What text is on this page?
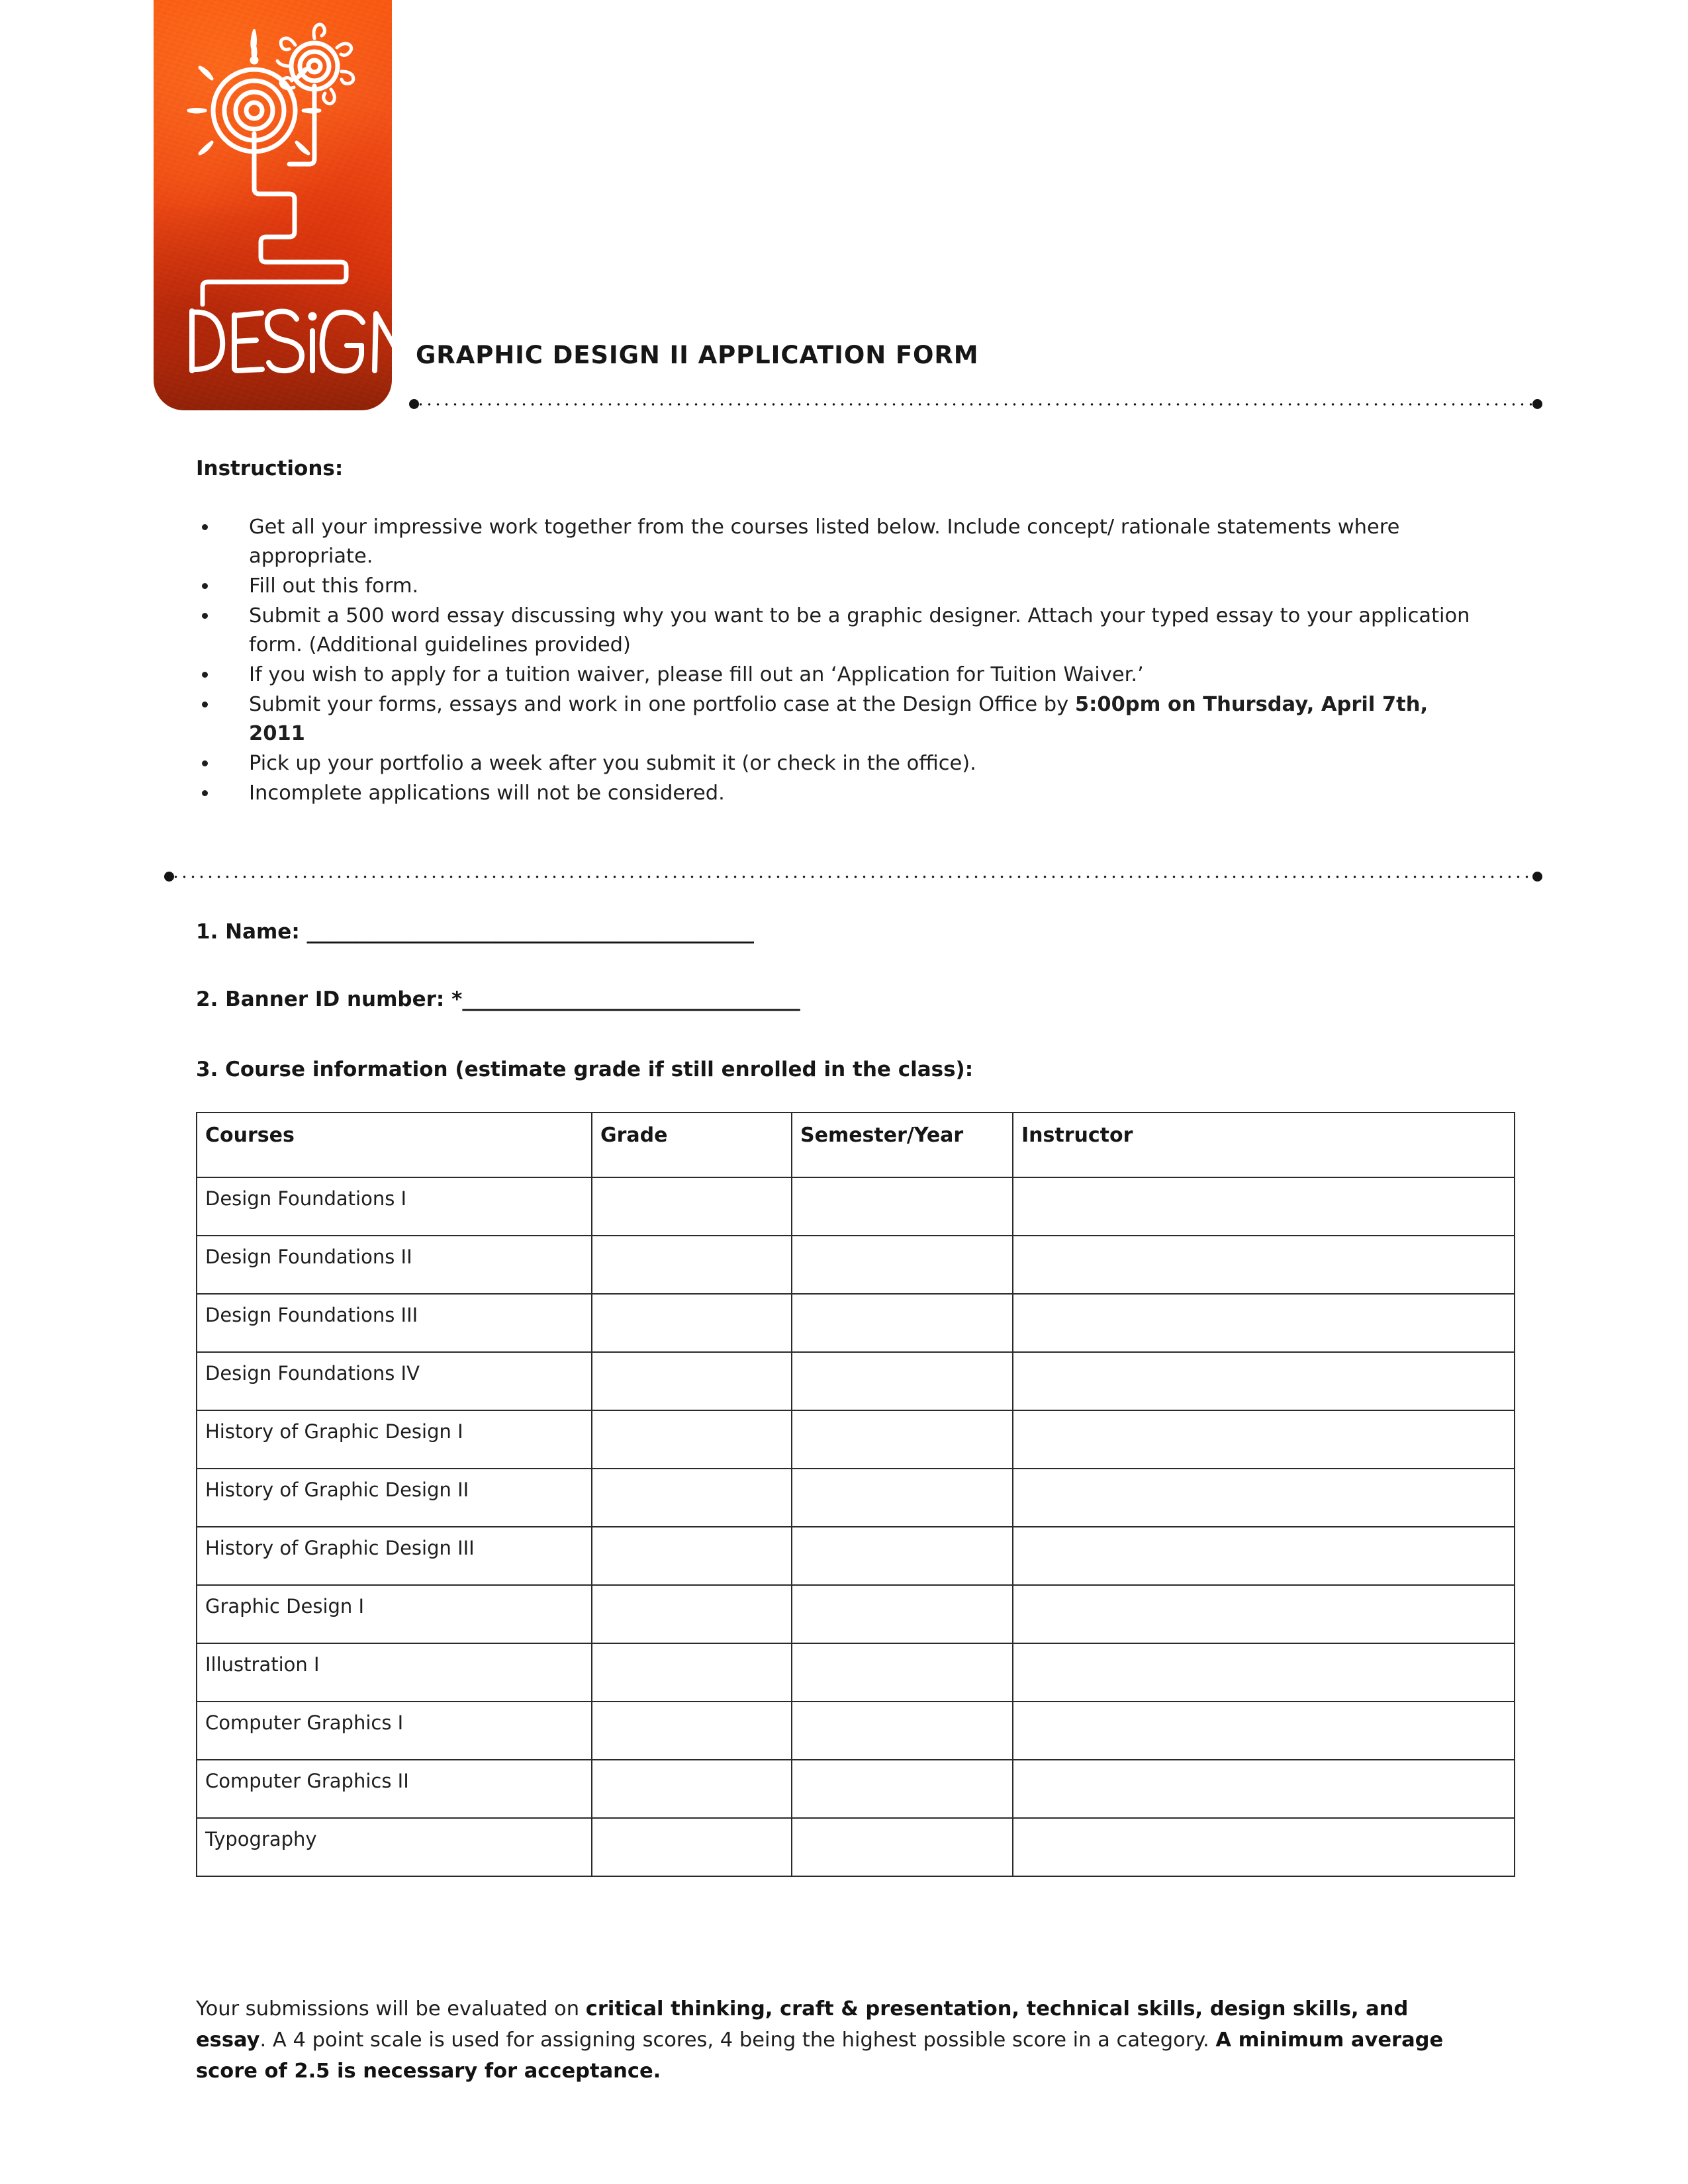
GRAPHIC DESIGN II APPLICATION FORM
Instructions:
Get all your impressive work together from the courses listed below. Include concept/ rationale statements where appropriate.
Fill out this form.
Submit a 500 word essay discussing why you want to be a graphic designer. Attach your typed essay to your application form. (Additional guidelines provided)
If you wish to apply for a tuition waiver, please fill out an ‘Application for Tuition Waiver.’
Submit your forms, essays and work in one portfolio case at the Design Office by 5:00pm on Thursday, April 7th, 2011
Pick up your portfolio a week after you submit it (or check in the office).
Incomplete applications will not be considered.
1. Name: _____________________________________________
2. Banner ID number: *__________________________________
3. Course information (estimate grade if still enrolled in the class):
Courses	Grade	Semester/Year	Instructor
Design Foundations I			
Design Foundations II			
Design Foundations III			
Design Foundations IV			
History of Graphic Design I			
History of Graphic Design II			
History of Graphic Design III			
Graphic Design I			
Illustration I			
Computer Graphics I			
Computer Graphics II			
Typography			
Your submissions will be evaluated on critical thinking, craft & presentation, technical skills, design skills, and essay. A 4 point scale is used for assigning scores, 4 being the highest possible score in a category. A minimum average score of 2.5 is necessary for acceptance.
